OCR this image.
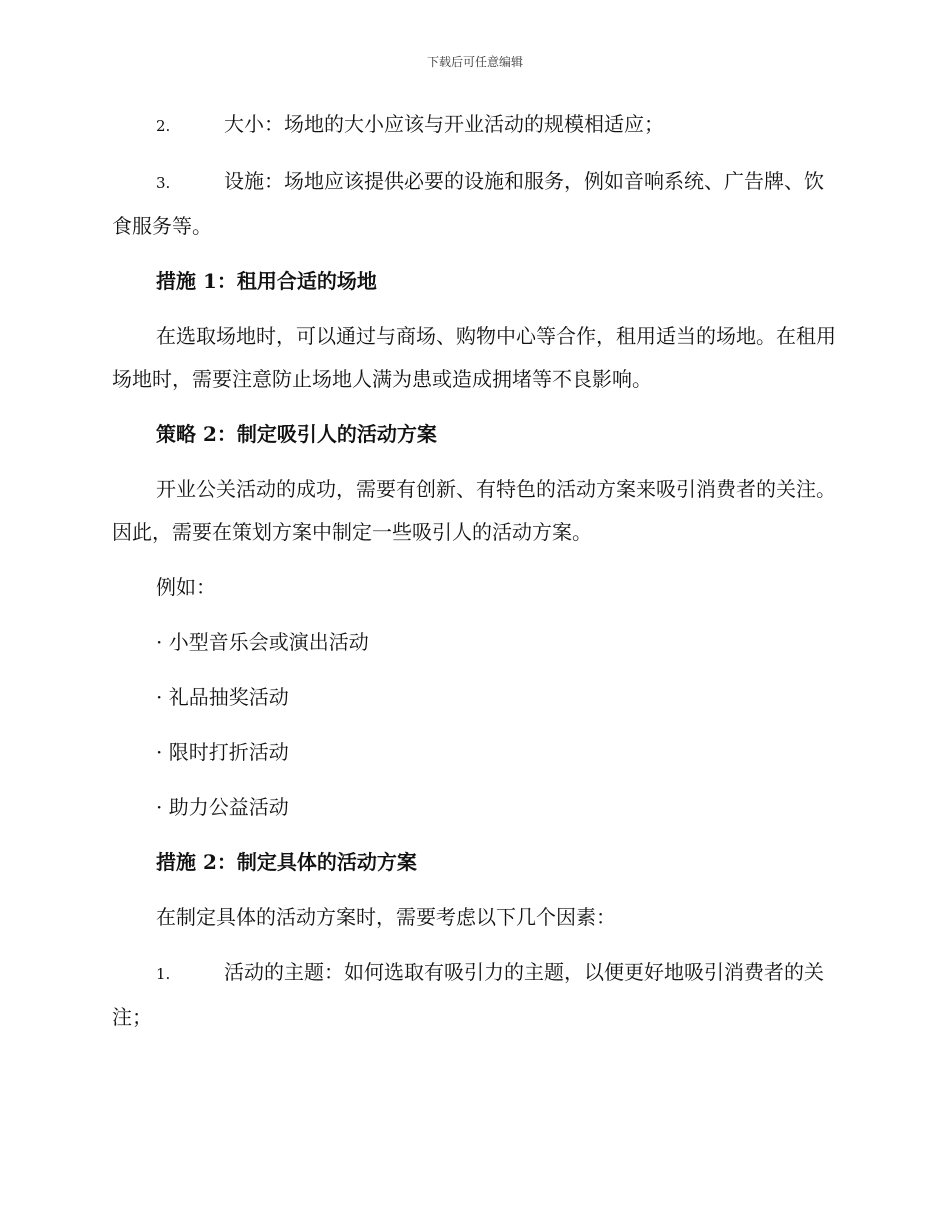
下载后可任意编辑

2.	大小：场地的大小应该与开业活动的规模相适应；

3.	设施：场地应该提供必要的设施和服务，例如音响系统、广告牌、饮食服务等。

措施 1：租用合适的场地

在选取场地时，可以通过与商场、购物中心等合作，租用适当的场地。在租用场地时，需要注意防止场地人满为患或造成拥堵等不良影响。

策略 2：制定吸引人的活动方案

开业公关活动的成功，需要有创新、有特色的活动方案来吸引消费者的关注。因此，需要在策划方案中制定一些吸引人的活动方案。

例如：

· 小型音乐会或演出活动

· 礼品抽奖活动

· 限时打折活动

· 助力公益活动

措施 2：制定具体的活动方案

在制定具体的活动方案时，需要考虑以下几个因素：

1.	活动的主题：如何选取有吸引力的主题，以便更好地吸引消费者的关注；
